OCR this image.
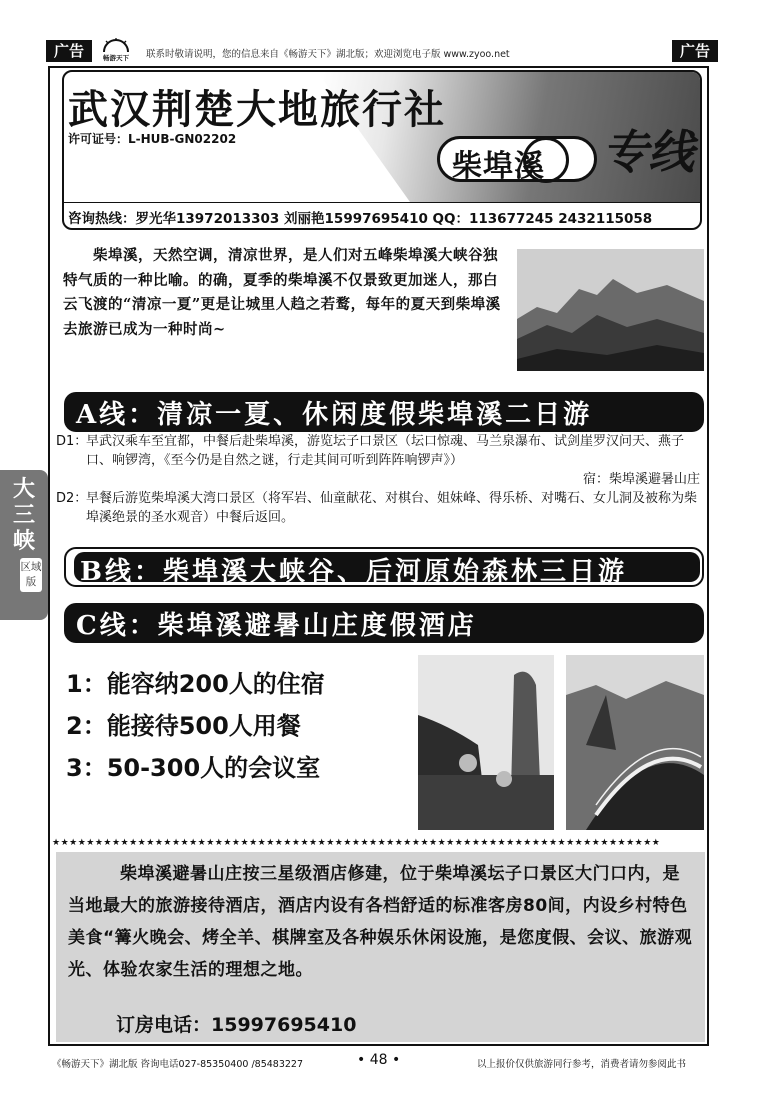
广告	畅游天下 联系时敬请说明，您的信息来自《畅游天下》湖北版；欢迎浏览电子版 www.zyoo.net	广告
武汉荆楚大地旅行社
许可证号：L-HUB-GN02202
柴埠溪 专线
咨询热线：罗光华13972013303 刘丽艳15997695410 QQ：113677245 2432115058
柴埠溪，天然空调，清凉世界，是人们对五峰柴埠溪大峡谷独特气质的一种比喻。的确，夏季的柴埠溪不仅景致更加迷人，那白云飞渡的“清凉一夏”更是让城里人趋之若鹜，每年的夏天到柴埠溪去旅游已成为一种时尚~
A线：清凉一夏、休闲度假柴埠溪二日游
D1：
早武汉乘车至宜都，中餐后赴柴埠溪，游览坛子口景区（坛口惊魂、马兰泉瀑布、试剑崖罗汉问天、燕子口、响锣湾，《至今仍是自然之谜，行走其间可听到阵阵响锣声》）
宿：柴埠溪避暑山庄
D2：
早餐后游览柴埠溪大湾口景区（将军岩、仙童献花、对棋台、姐妹峰、得乐桥、对嘴石、女儿洞及被称为柴埠溪绝景的圣水观音）中餐后返回。
B线：柴埠溪大峡谷、后河原始森林三日游
C线：柴埠溪避暑山庄度假酒店
1：能容纳200人的住宿
2：能接待500人用餐
3：50-300人的会议室
★★★★★★★★★★★★★★★★★★★★★★★★★★★★★★★★★★★★★★★★★★★★★★★★★★★★★★★★★★★★★★★★★★★★★★★
柴埠溪避暑山庄按三星级酒店修建，位于柴埠溪坛子口景区大门口内，是当地最大的旅游接待酒店，酒店内设有各档舒适的标准客房80间，内设乡村特色美食“篝火晚会、烤全羊、棋牌室及各种娱乐休闲设施，是您度假、会议、旅游观光、体验农家生活的理想之地。
订房电话：15997695410
大三峡
区域版
《畅游天下》湖北版 咨询电话027-85350400 /85483227	• 48 •	以上报价仅供旅游同行参考，消费者请勿参阅此书
